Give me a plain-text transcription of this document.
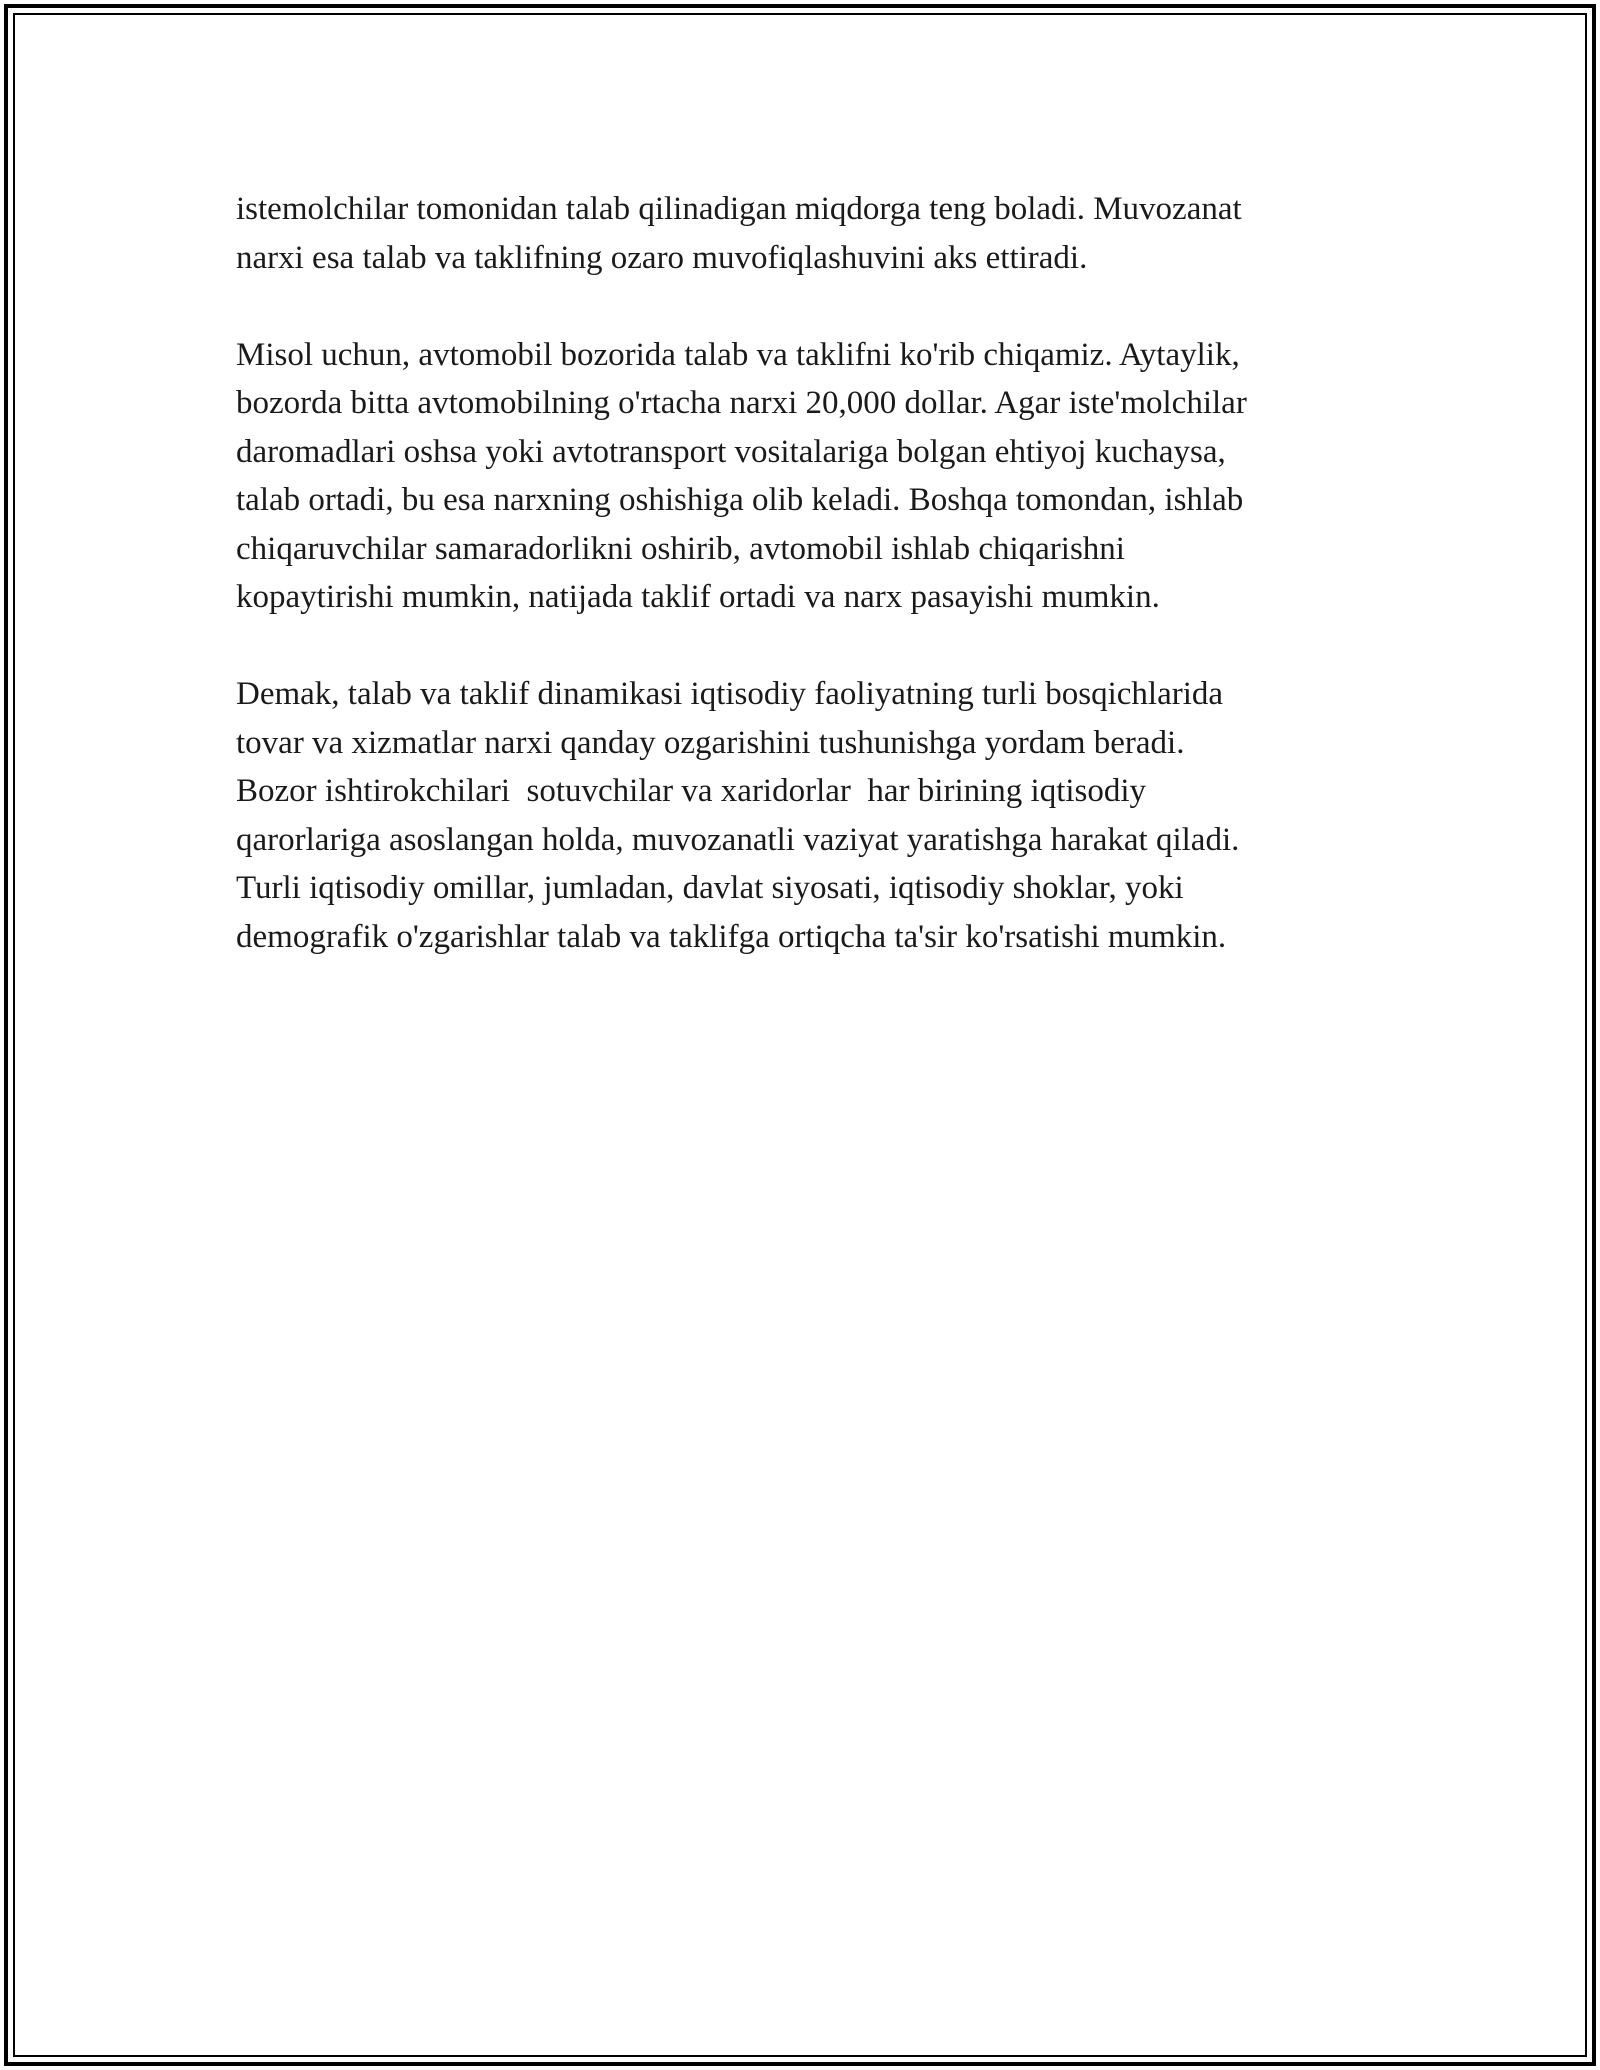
istemolchilar tomonidan talab qilinadigan miqdorga teng boladi. Muvozanat
narxi esa talab va taklifning ozaro muvofiqlashuvini aks ettiradi.

Misol uchun, avtomobil bozorida talab va taklifni ko'rib chiqamiz. Aytaylik,
bozorda bitta avtomobilning o'rtacha narxi 20,000 dollar. Agar iste'molchilar
daromadlari oshsa yoki avtotransport vositalariga bolgan ehtiyoj kuchaysa,
talab ortadi, bu esa narxning oshishiga olib keladi. Boshqa tomondan, ishlab
chiqaruvchilar samaradorlikni oshirib, avtomobil ishlab chiqarishni
kopaytirishi mumkin, natijada taklif ortadi va narx pasayishi mumkin.

Demak, talab va taklif dinamikasi iqtisodiy faoliyatning turli bosqichlarida
tovar va xizmatlar narxi qanday ozgarishini tushunishga yordam beradi.
Bozor ishtirokchilari  sotuvchilar va xaridorlar  har birining iqtisodiy
qarorlariga asoslangan holda, muvozanatli vaziyat yaratishga harakat qiladi.
Turli iqtisodiy omillar, jumladan, davlat siyosati, iqtisodiy shoklar, yoki
demografik o'zgarishlar talab va taklifga ortiqcha ta'sir ko'rsatishi mumkin.
